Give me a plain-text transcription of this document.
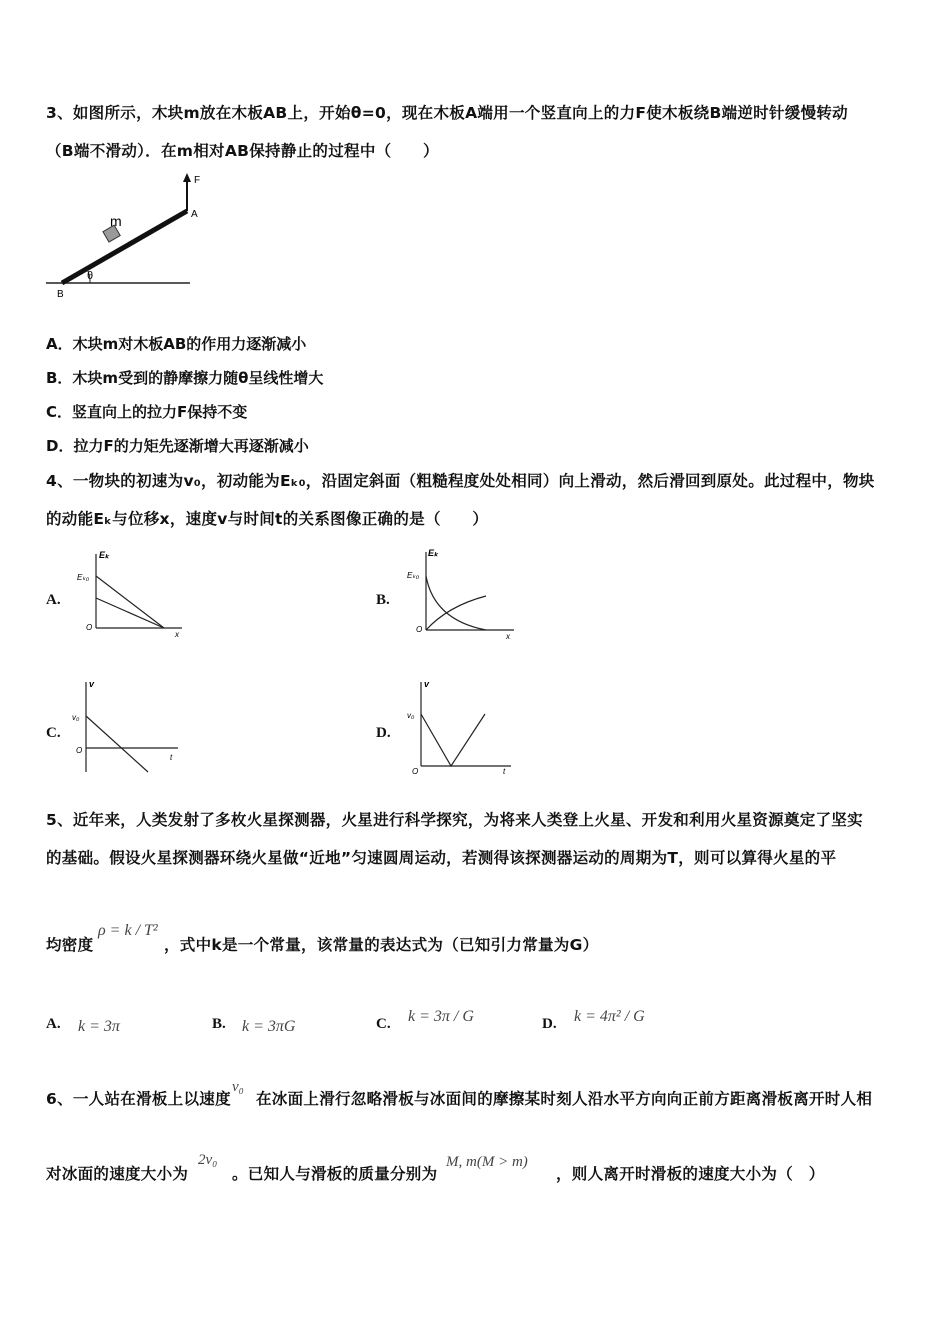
3、如图所示，木块m放在木板AB上，开始θ=0，现在木板A端用一个竖直向上的力F使木板绕B端逆时针缓慢转动
（B端不滑动）．在m相对AB保持静止的过程中（　　）
F
A
m
B
θ
A．木块m对木板AB的作用力逐渐减小
B．木块m受到的静摩擦力随θ呈线性增大
C．竖直向上的拉力F保持不变
D．拉力F的力矩先逐渐增大再逐渐减小
4、一物块的初速为v₀，初动能为Eₖ₀，沿固定斜面（粗糙程度处处相同）向上滑动，然后滑回到原处。此过程中，物块
的动能Eₖ与位移x，速度v与时间t的关系图像正确的是（　　）
A.
Eₖ
Eₖ₀
O
x
B.
Eₖ
Eₖ₀
O
x
C.
v
v₀
O
t
D.
v
v₀
O	t
5、近年来，人类发射了多枚火星探测器，火星进行科学探究，为将来人类登上火星、开发和利用火星资源奠定了坚实
的基础。假设火星探测器环绕火星做“近地”匀速圆周运动，若测得该探测器运动的周期为T，则可以算得火星的平
均密度
ρ = k / T²
，式中k是一个常量，该常量的表达式为（已知引力常量为G）
A. k = 3π	B. k = 3πG	C. k = 3π / G	D. k = 4π² / G
6、一人站在滑板上以速度
v₀
在冰面上滑行忽略滑板与冰面间的摩擦某时刻人沿水平方向向正前方距离滑板离开时人相
对冰面的速度大小为
2v₀
。已知人与滑板的质量分别为
M, m(M > m)
，则人离开时滑板的速度大小为（　）
